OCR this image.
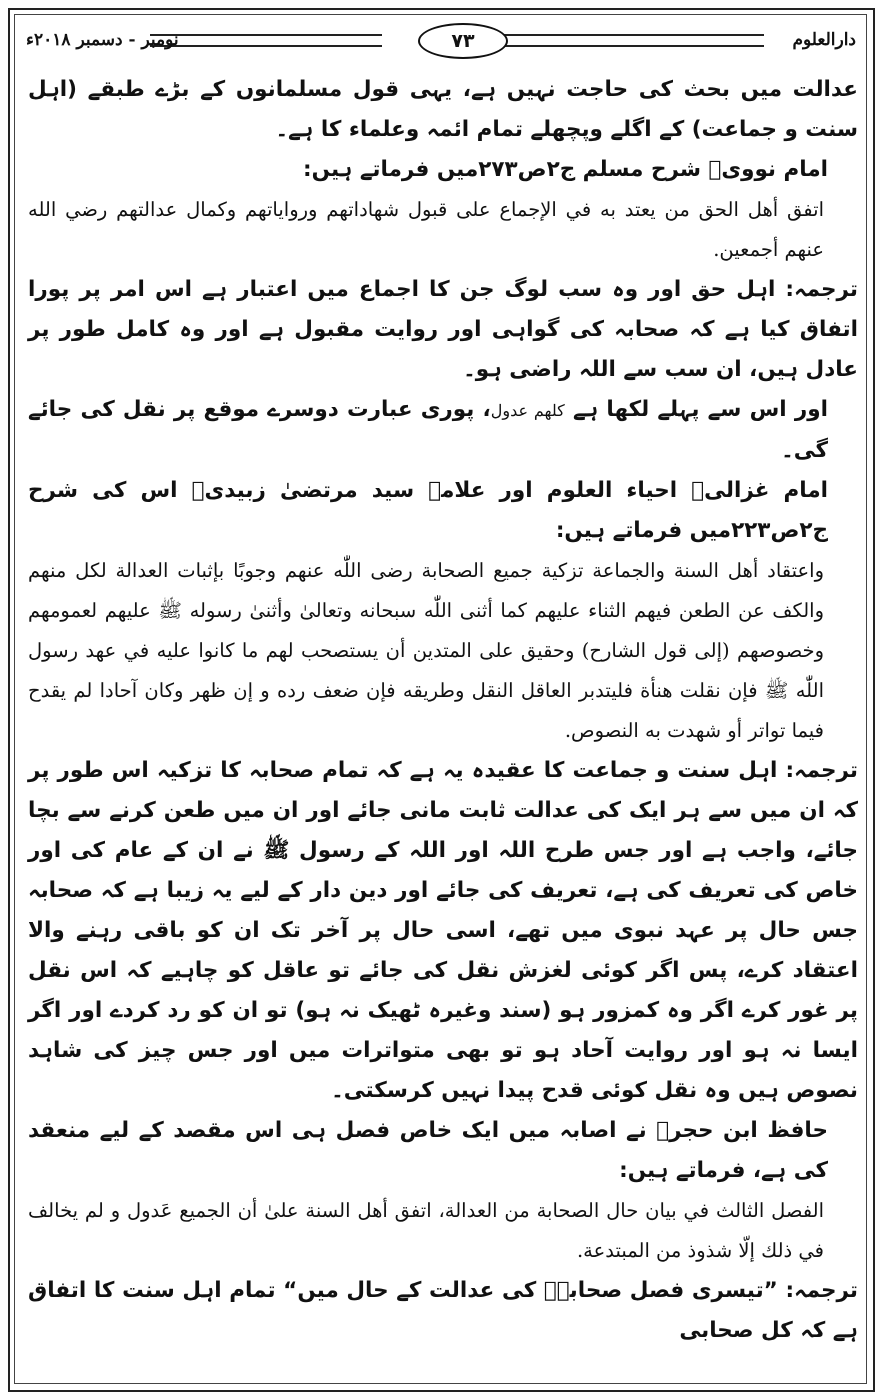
دارالعلوم
۷۳
نومبر - دسمبر ۲۰۱۸ء

عدالت میں بحث کی حاجت نہیں ہے، یہی قول مسلمانوں کے بڑے طبقے (اہل سنت و جماعت) کے اگلے وپچھلے تمام ائمہ وعلماء کا ہے۔

امام نوویؒ شرح مسلم ج۲ص۲۷۳میں فرماتے ہیں:

اتفق أهل الحق من يعتد به في الإجماع على قبول شهاداتهم ورواياتهم وكمال عدالتهم رضي الله عنهم أجمعين.

ترجمہ: اہل حق اور وہ سب لوگ جن کا اجماع میں اعتبار ہے اس امر پر پورا اتفاق کیا ہے کہ صحابہ کی گواہی اور روایت مقبول ہے اور وہ کامل طور پر عادل ہیں، ان سب سے اللہ راضی ہو۔

اور اس سے پہلے لکھا ہے كلهم عدول، پوری عبارت دوسرے موقع پر نقل کی جائے گی۔

امام غزالیؒ احیاء العلوم اور علامہ سید مرتضیٰ زبیدیؒ اس کی شرح ج۲ص۲۲۳میں فرماتے ہیں:

واعتقاد أهل السنة والجماعة تزكية جميع الصحابة رضى اللّٰه عنهم وجوبًا بإثبات العدالة لكل منهم والكف عن الطعن فيهم الثناء عليهم كما أثنى اللّٰه سبحانه وتعالىٰ وأثنىٰ رسوله ﷺ عليهم لعمومهم وخصوصهم (إلى قول الشارح) وحقيق على المتدين أن يستصحب لهم ما كانوا عليه في عهد رسول اللّٰه ﷺ فإن نقلت هنأة فليتدبر العاقل النقل وطريقه فإن ضعف رده و إن ظهر وكان آحادا لم يقدح فيما تواتر أو شهدت به النصوص.

ترجمہ: اہل سنت و جماعت کا عقیدہ یہ ہے کہ تمام صحابہ کا تزکیہ اس طور پر کہ ان میں سے ہر ایک کی عدالت ثابت مانی جائے اور ان میں طعن کرنے سے بچا جائے، واجب ہے اور جس طرح اللہ اور اللہ کے رسول ﷺ نے ان کے عام کی اور خاص کی تعریف کی ہے، تعریف کی جائے اور دین دار کے لیے یہ زیبا ہے کہ صحابہ جس حال پر عہد نبوی میں تھے، اسی حال پر آخر تک ان کو باقی رہنے والا اعتقاد کرے، پس اگر کوئی لغزش نقل کی جائے تو عاقل کو چاہیے کہ اس نقل پر غور کرے اگر وہ کمزور ہو (سند وغیرہ ٹھیک نہ ہو) تو ان کو رد کردے اور اگر ایسا نہ ہو اور روایت آحاد ہو تو بھی متواترات میں اور جس چیز کی شاہد نصوص ہیں وہ نقل کوئی قدح پیدا نہیں کرسکتی۔

حافظ ابن حجرؒ نے اصابہ میں ایک خاص فصل ہی اس مقصد کے لیے منعقد کی ہے، فرماتے ہیں:

الفصل الثالث في بيان حال الصحابة من العدالة، اتفق أهل السنة علىٰ أن الجميع عَدول و لم يخالف في ذلك إلّا شذوذ من المبتدعة.

ترجمہ: ”تیسری فصل صحابہؓ کی عدالت کے حال میں“ تمام اہل سنت کا اتفاق ہے کہ کل صحابی
